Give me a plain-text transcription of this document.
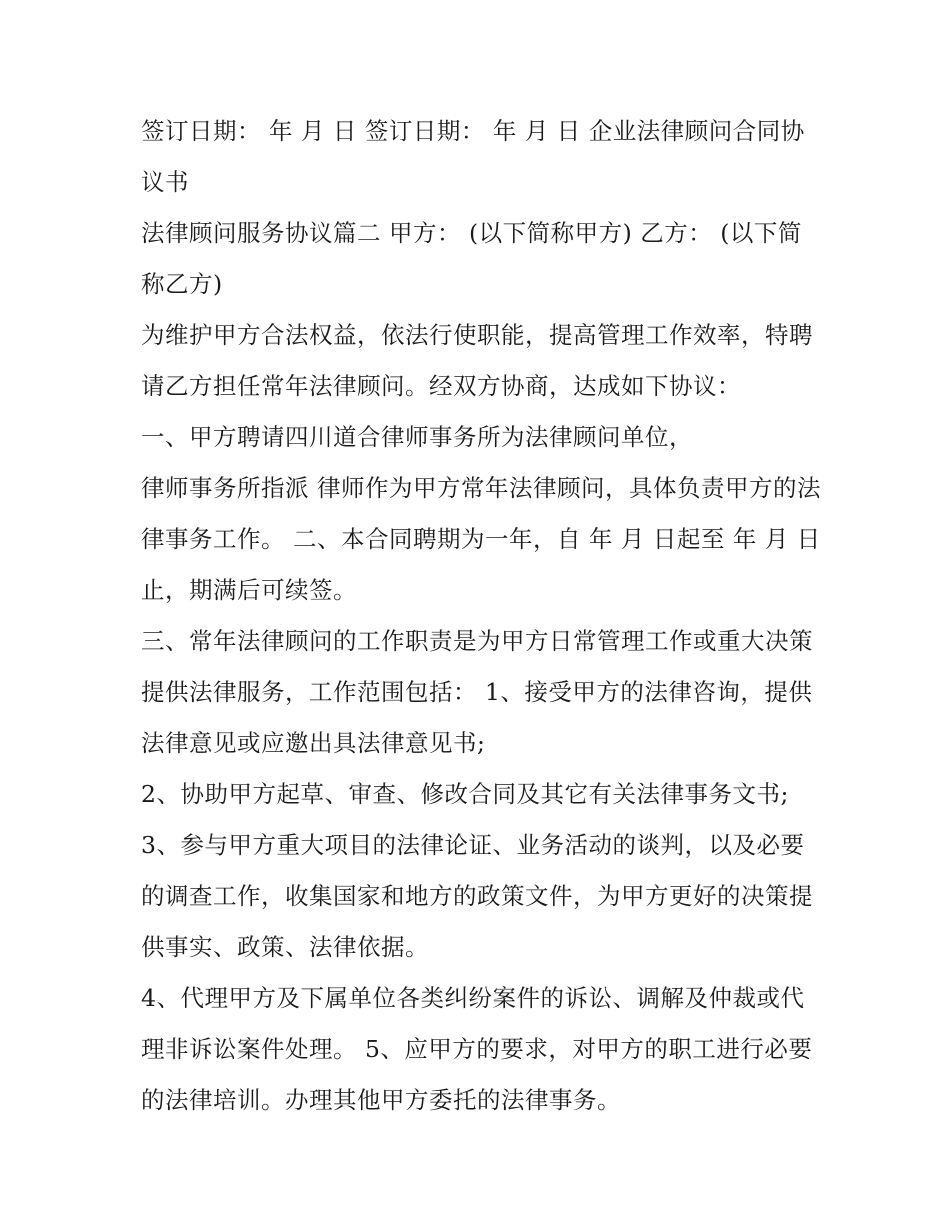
签订日期： 年 月 日 签订日期： 年 月 日 企业法律顾问合同协议书

法律顾问服务协议篇二 甲方： (以下简称甲方) 乙方： (以下简称乙方)

为维护甲方合法权益，依法行使职能，提高管理工作效率，特聘请乙方担任常年法律顾问。经双方协商，达成如下协议：

一、甲方聘请四川道合律师事务所为法律顾问单位，

律师事务所指派 律师作为甲方常年法律顾问，具体负责甲方的法律事务工作。 二、本合同聘期为一年，自 年 月 日起至 年 月 日止，期满后可续签。

三、常年法律顾问的工作职责是为甲方日常管理工作或重大决策提供法律服务，工作范围包括： 1、接受甲方的法律咨询，提供法律意见或应邀出具法律意见书;

2、协助甲方起草、审查、修改合同及其它有关法律事务文书;

3、参与甲方重大项目的法律论证、业务活动的谈判，以及必要的调查工作，收集国家和地方的政策文件，为甲方更好的决策提供事实、政策、法律依据。

4、代理甲方及下属单位各类纠纷案件的诉讼、调解及仲裁或代理非诉讼案件处理。 5、应甲方的要求，对甲方的职工进行必要的法律培训。办理其他甲方委托的法律事务。
